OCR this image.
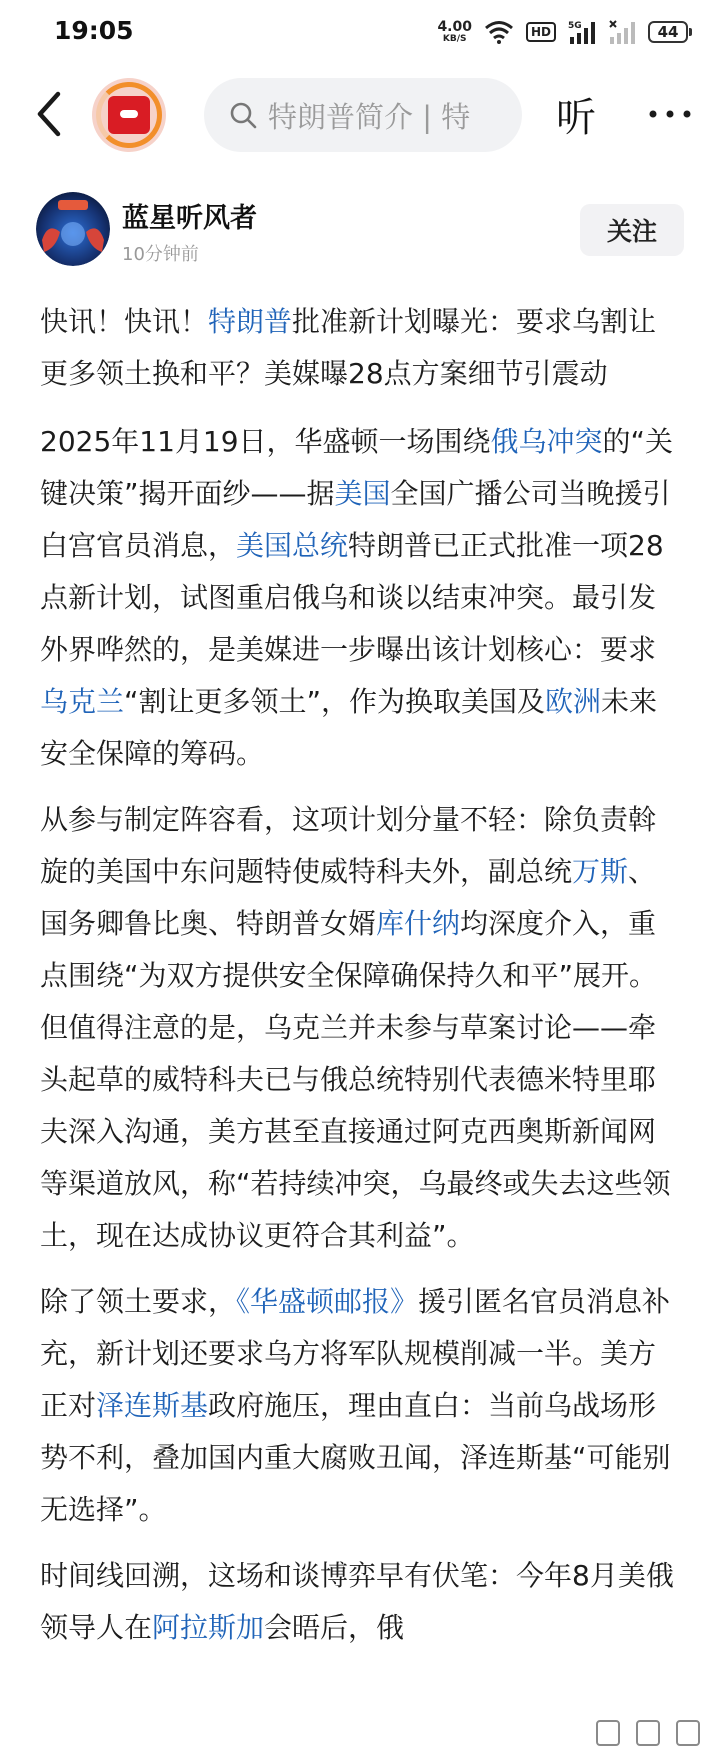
19:05	4.00
KB/S	HD	5G	44
特朗普简介 | 特 听
蓝星听风者
10分钟前
关注

快讯！快讯！特朗普批准新计划曝光：要求乌割让更多领土换和平？美媒曝28点方案细节引震动

2025年11月19日，华盛顿一场围绕俄乌冲突的“关键决策”揭开面纱——据美国全国广播公司当晚援引白宫官员消息，美国总统特朗普已正式批准一项28点新计划，试图重启俄乌和谈以结束冲突。最引发外界哗然的，是美媒进一步曝出该计划核心：要求乌克兰“割让更多领土”，作为换取美国及欧洲未来安全保障的筹码。

从参与制定阵容看，这项计划分量不轻：除负责斡旋的美国中东问题特使威特科夫外，副总统万斯、国务卿鲁比奥、特朗普女婿库什纳均深度介入，重点围绕“为双方提供安全保障确保持久和平”展开。但值得注意的是，乌克兰并未参与草案讨论——牵头起草的威特科夫已与俄总统特别代表德米特里耶夫深入沟通，美方甚至直接通过阿克西奥斯新闻网等渠道放风，称“若持续冲突，乌最终或失去这些领土，现在达成协议更符合其利益”。

除了领土要求，《华盛顿邮报》援引匿名官员消息补充，新计划还要求乌方将军队规模削减一半。美方正对泽连斯基政府施压，理由直白：当前乌战场形势不利，叠加国内重大腐败丑闻，泽连斯基“可能别无选择”。

时间线回溯，这场和谈博弈早有伏笔：今年8月美俄领导人在阿拉斯加会晤后，俄
